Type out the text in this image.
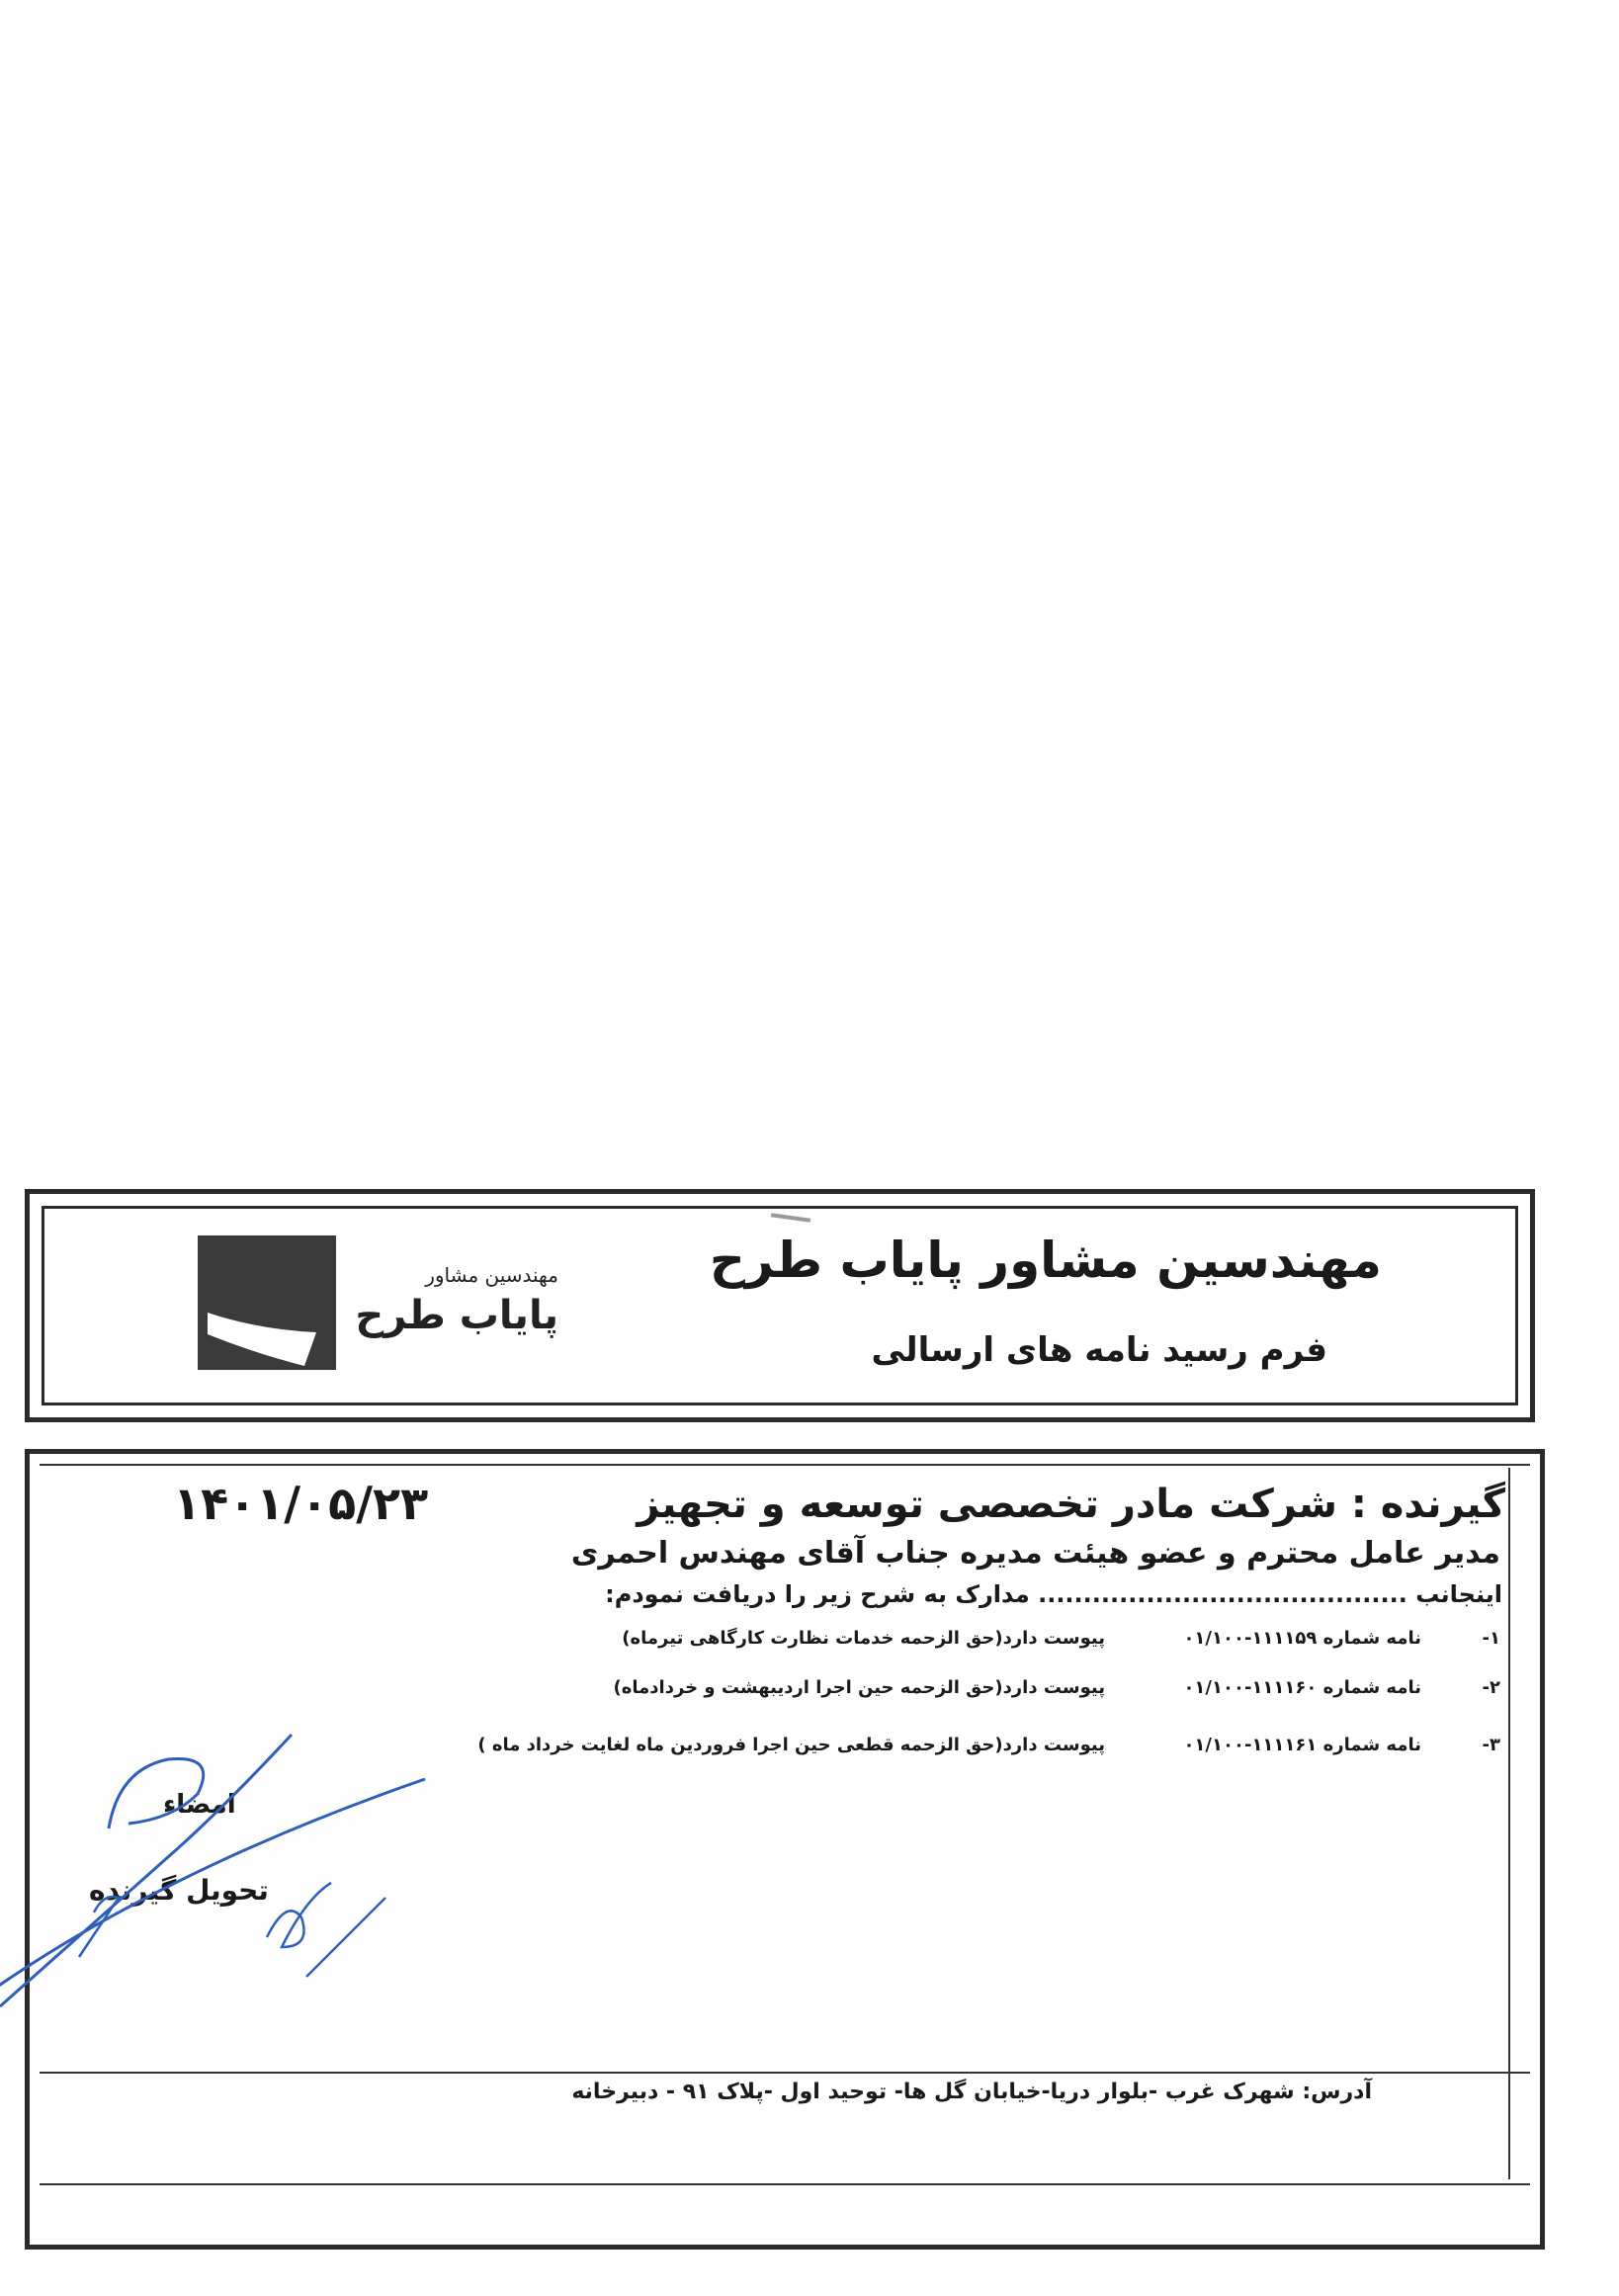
مهندسین مشاور
پایاب طرح
مهندسین مشاور پایاب طرح
فرم رسید نامه های ارسالی
۱۴۰۱/۰۵/۲۳	گیرنده : شرکت مادر تخصصی توسعه و تجهیز
مدیر عامل محترم و عضو هیئت مدیره جناب آقای مهندس احمری
اینجانب ......................................... مدارک به شرح زیر را دریافت نمودم:
۱-
نامه شماره ۱۱۱۱۵۹-۰۱/۱۰۰
پیوست دارد(حق الزحمه خدمات نظارت کارگاهی تیرماه)
۲-
نامه شماره ۱۱۱۱۶۰-۰۱/۱۰۰
پیوست دارد(حق الزحمه حین اجرا اردیبهشت و خردادماه)
۳-
نامه شماره ۱۱۱۱۶۱-۰۱/۱۰۰
پیوست دارد(حق الزحمه قطعی حین اجرا فروردین ماه لغایت خرداد ماه )
امضاء
تحویل گیرنده
آدرس: شهرک غرب -بلوار دریا-خیابان گل ها- توحید اول -پلاک ۹۱ - دبیرخانه
